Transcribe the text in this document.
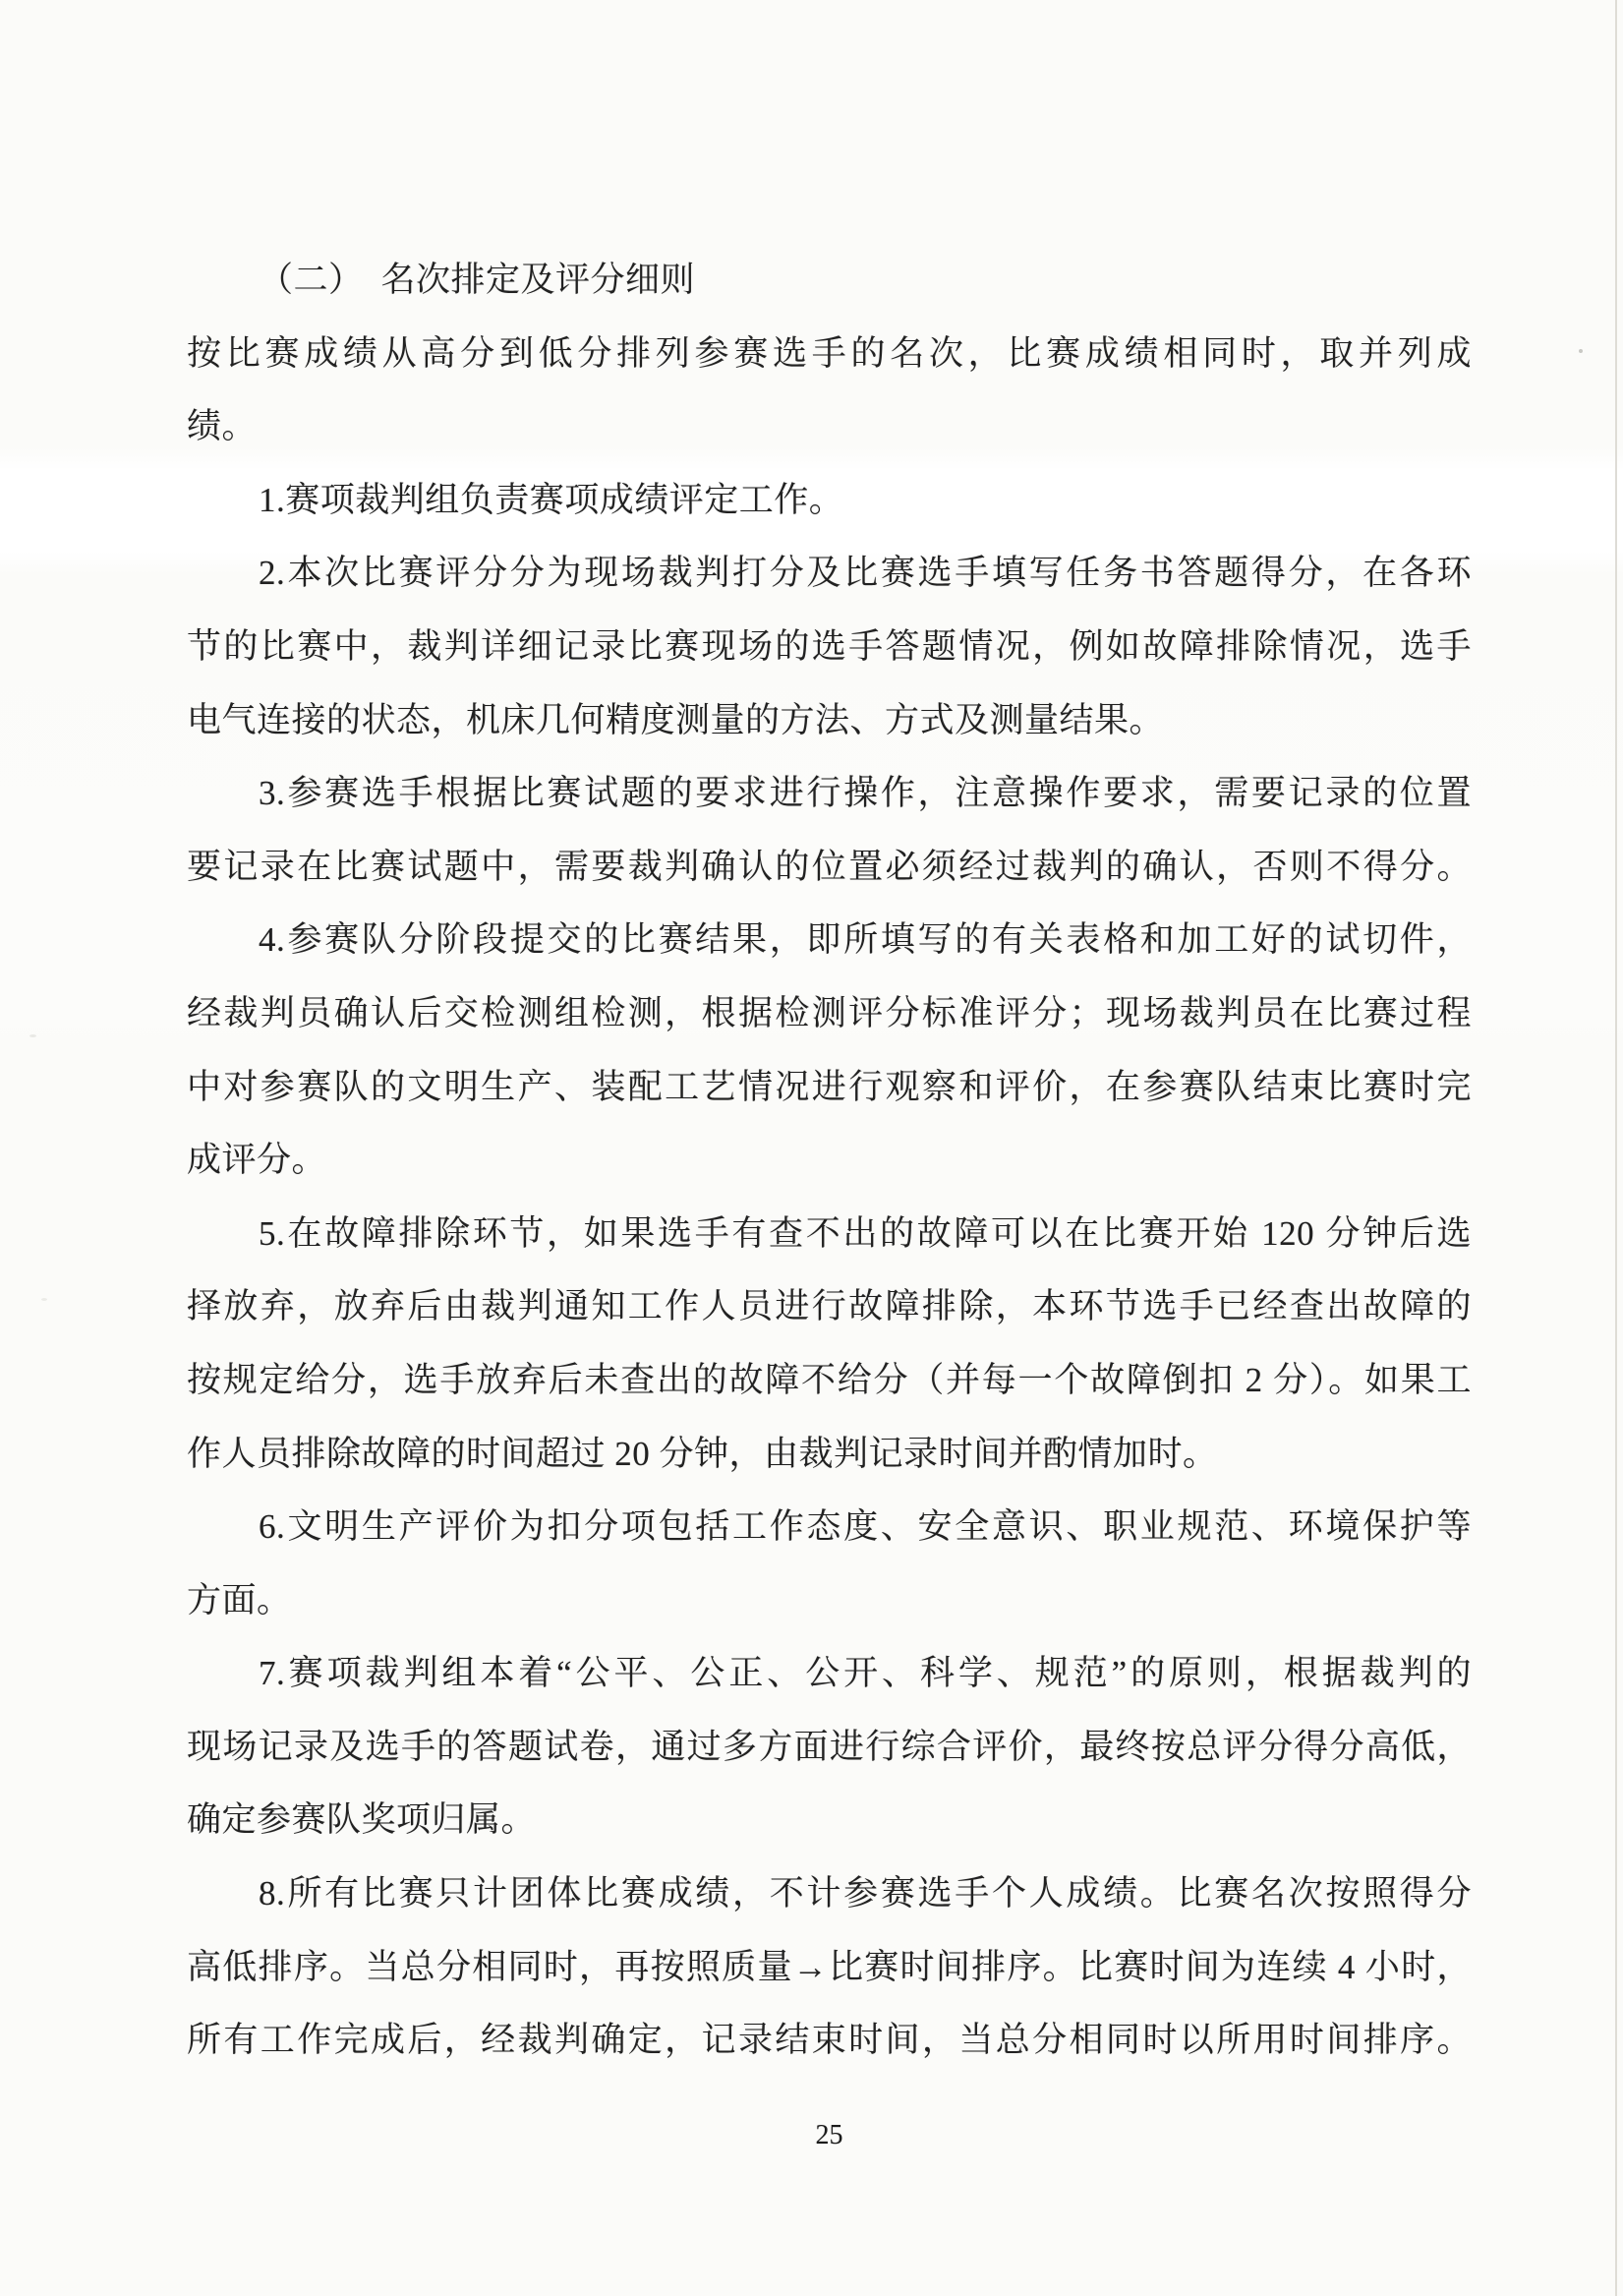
（二）　名次排定及评分细则
按比赛成绩从高分到低分排列参赛选手的名次，比赛成绩相同时，取并列成
绩。
1.赛项裁判组负责赛项成绩评定工作。
2.本次比赛评分分为现场裁判打分及比赛选手填写任务书答题得分，在各环
节的比赛中，裁判详细记录比赛现场的选手答题情况，例如故障排除情况，选手
电气连接的状态，机床几何精度测量的方法、方式及测量结果。
3.参赛选手根据比赛试题的要求进行操作，注意操作要求，需要记录的位置
要记录在比赛试题中，需要裁判确认的位置必须经过裁判的确认，否则不得分。
4.参赛队分阶段提交的比赛结果，即所填写的有关表格和加工好的试切件，
经裁判员确认后交检测组检测，根据检测评分标准评分；现场裁判员在比赛过程
中对参赛队的文明生产、装配工艺情况进行观察和评价，在参赛队结束比赛时完
成评分。
5.在故障排除环节，如果选手有查不出的故障可以在比赛开始 120 分钟后选
择放弃，放弃后由裁判通知工作人员进行故障排除，本环节选手已经查出故障的
按规定给分，选手放弃后未查出的故障不给分（并每一个故障倒扣 2 分）。如果工
作人员排除故障的时间超过 20 分钟，由裁判记录时间并酌情加时。
6.文明生产评价为扣分项包括工作态度、安全意识、职业规范、环境保护等
方面。
7.赛项裁判组本着“公平、公正、公开、科学、规范”的原则，根据裁判的
现场记录及选手的答题试卷，通过多方面进行综合评价，最终按总评分得分高低，
确定参赛队奖项归属。
8.所有比赛只计团体比赛成绩，不计参赛选手个人成绩。比赛名次按照得分
高低排序。当总分相同时，再按照质量→比赛时间排序。比赛时间为连续 4 小时，
所有工作完成后，经裁判确定，记录结束时间，当总分相同时以所用时间排序。
25
